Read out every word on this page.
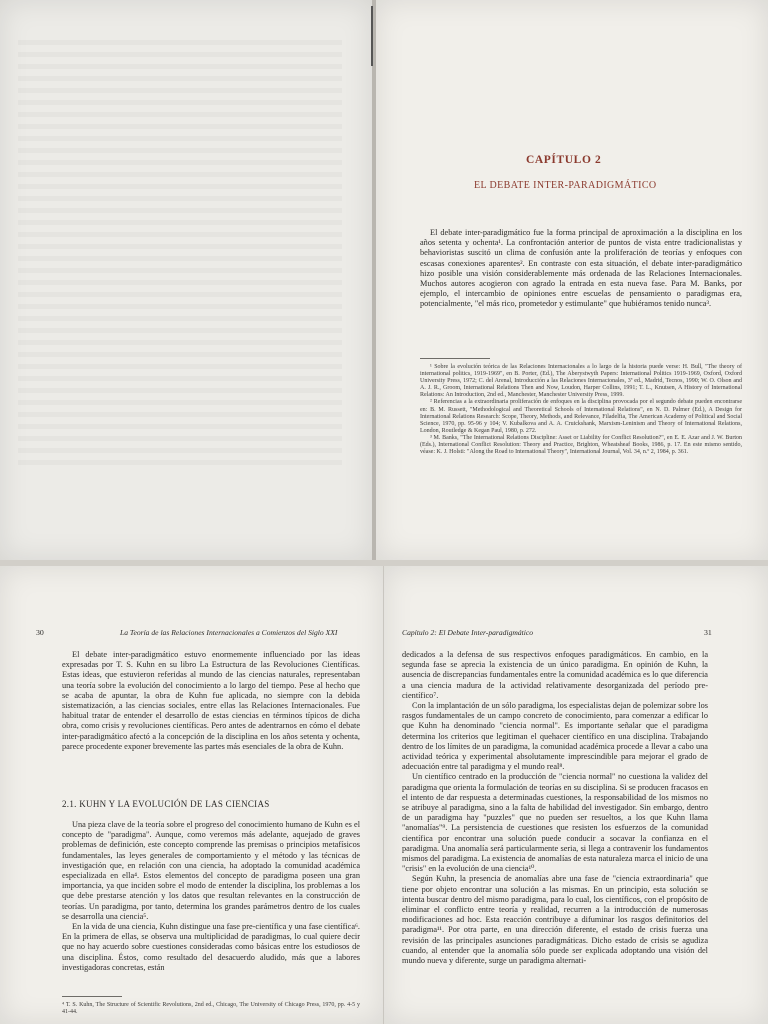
CAPÍTULO 2
EL DEBATE INTER-PARADIGMÁTICO

El debate inter-paradigmático fue la forma principal de aproximación a la disciplina en los años setenta y ochenta¹. La confrontación anterior de puntos de vista entre tradicionalistas y behavioristas suscitó un clima de confusión ante la proliferación de teorías y enfoques con escasas conexiones aparentes². En contraste con esta situación, el debate inter-paradigmático hizo posible una visión considerablemente más ordenada de las Relaciones Internacionales. Muchos autores acogieron con agrado la entrada en esta nueva fase. Para M. Banks, por ejemplo, el intercambio de opiniones entre escuelas de pensamiento o paradigmas era, potencialmente, "el más rico, prometedor y estimulante" que hubiéramos tenido nunca³.

¹ Sobre la evolución teórica de las Relaciones Internacionales a lo largo de la historia puede verse: H. Bull, "The theory of international politics, 1919-1969", en B. Porter, (Ed.), The Aberystwyth Papers: International Politics 1919-1969, Oxford, Oxford University Press, 1972; C. del Arenal, Introducción a las Relaciones Internacionales, 3ª ed., Madrid, Tecnos, 1990; W. O. Olson and A. J. R., Groom, International Relations Then and Now, Loudon, Harper Collins, 1991; T. L., Knutsen, A History of International Relations: An Introduction, 2nd ed., Manchester, Manchester University Press, 1999.

² Referencias a la extraordinaria proliferación de enfoques en la disciplina provocada por el segundo debate pueden encontrarse en: B. M. Russett, "Methodological and Theoretical Schools of International Relations", en N. D. Palmer (Ed.), A Design for International Relations Research: Scope, Theory, Methods, and Relevance, Filadelfia, The American Academy of Political and Social Science, 1970, pp. 95-96 y 104; V. Kubalkova and A. A. Cruickshank, Marxism-Leninism and Theory of International Relations, London, Routledge & Kegan Paul, 1980, p. 272.

³ M. Banks, "The International Relations Discipline: Asset or Liability for Conflict Resolution?", en E. E. Azar and J. W. Burton (Eds.), International Conflict Resolution: Theory and Practice, Brighton, Wheatsheaf Books, 1986, p. 17. En este mismo sentido, véase: K. J. Holsti: "Along the Road to International Theory", International Journal, Vol. 34, n.º 2, 1984, p. 361.

30	La Teoría de las Relaciones Internacionales a Comienzos del Siglo XXI

El debate inter-paradigmático estuvo enormemente influenciado por las ideas expresadas por T. S. Kuhn en su libro La Estructura de las Revoluciones Científicas. Estas ideas, que estuvieron referidas al mundo de las ciencias naturales, representaban una teoría sobre la evolución del conocimiento a lo largo del tiempo. Pese al hecho que se acaba de apuntar, la obra de Kuhn fue aplicada, no siempre con la debida sistematización, a las ciencias sociales, entre ellas las Relaciones Internacionales. Fue habitual tratar de entender el desarrollo de estas ciencias en términos típicos de dicha obra, como crisis y revoluciones científicas. Pero antes de adentrarnos en cómo el debate inter-paradigmático afectó a la concepción de la disciplina en los años setenta y ochenta, parece procedente exponer brevemente las partes más esenciales de la obra de Kuhn.

2.1. KUHN Y LA EVOLUCIÓN DE LAS CIENCIAS

Una pieza clave de la teoría sobre el progreso del conocimiento humano de Kuhn es el concepto de "paradigma". Aunque, como veremos más adelante, aquejado de graves problemas de definición, este concepto comprende las premisas o principios metafísicos fundamentales, las leyes generales de comportamiento y el método y las técnicas de investigación que, en relación con una ciencia, ha adoptado la comunidad académica especializada en ella⁴. Estos elementos del concepto de paradigma poseen una gran importancia, ya que inciden sobre el modo de entender la disciplina, los problemas a los que debe prestarse atención y los datos que resultan relevantes en la construcción de teorías. Un paradigma, por tanto, determina los grandes parámetros dentro de los cuales se desarrolla una ciencia⁵.

En la vida de una ciencia, Kuhn distingue una fase pre-científica y una fase científica⁶. En la primera de ellas, se observa una multiplicidad de paradigmas, lo cual quiere decir que no hay acuerdo sobre cuestiones consideradas como básicas entre los estudiosos de una disciplina. Éstos, como resultado del desacuerdo aludido, más que a labores investigadoras concretas, están

⁴ T. S. Kuhn, The Structure of Scientific Revolutions, 2nd ed., Chicago, The University of Chicago Press, 1970, pp. 4-5 y 41-44.
Capítulo 2: El Debate Inter-paradigmático	31

dedicados a la defensa de sus respectivos enfoques paradigmáticos. En cambio, en la segunda fase se aprecia la existencia de un único paradigma. En opinión de Kuhn, la ausencia de discrepancias fundamentales entre la comunidad académica es lo que diferencia a una ciencia madura de la actividad relativamente desorganizada del período pre-científico⁷.

Con la implantación de un sólo paradigma, los especialistas dejan de polemizar sobre los rasgos fundamentales de un campo concreto de conocimiento, para comenzar a edificar lo que Kuhn ha denominado "ciencia normal". Es importante señalar que el paradigma determina los criterios que legitiman el quehacer científico en una disciplina. Trabajando dentro de los límites de un paradigma, la comunidad académica procede a llevar a cabo una actividad teórica y experimental absolutamente imprescindible para mejorar el grado de adecuación entre tal paradigma y el mundo real⁸.

Un científico centrado en la producción de "ciencia normal" no cuestiona la validez del paradigma que orienta la formulación de teorías en su disciplina. Si se producen fracasos en el intento de dar respuesta a determinadas cuestiones, la responsabilidad de los mismos no se atribuye al paradigma, sino a la falta de habilidad del investigador. Sin embargo, dentro de un paradigma hay "puzzles" que no pueden ser resueltos, a los que Kuhn llama "anomalías"⁹. La persistencia de cuestiones que resisten los esfuerzos de la comunidad científica por encontrar una solución puede conducir a socavar la confianza en el paradigma. Una anomalía será particularmente seria, si llega a contravenir los fundamentos mismos del paradigma. La existencia de anomalías de esta naturaleza marca el inicio de una "crisis" en la evolución de una ciencia¹⁰.

Según Kuhn, la presencia de anomalías abre una fase de "ciencia extraordinaria" que tiene por objeto encontrar una solución a las mismas. En un principio, esta solución se intenta buscar dentro del mismo paradigma, para lo cual, los científicos, con el propósito de eliminar el conflicto entre teoría y realidad, recurren a la introducción de numerosas modificaciones ad hoc. Esta reacción contribuye a difuminar los rasgos definitorios del paradigma¹¹. Por otra parte, en una dirección diferente, el estado de crisis fuerza una revisión de las principales asunciones paradigmáticas. Dicho estado de crisis se agudiza cuando, al entender que la anomalía sólo puede ser explicada adoptando una visión del mundo nueva y diferente, surge un paradigma alternati-
